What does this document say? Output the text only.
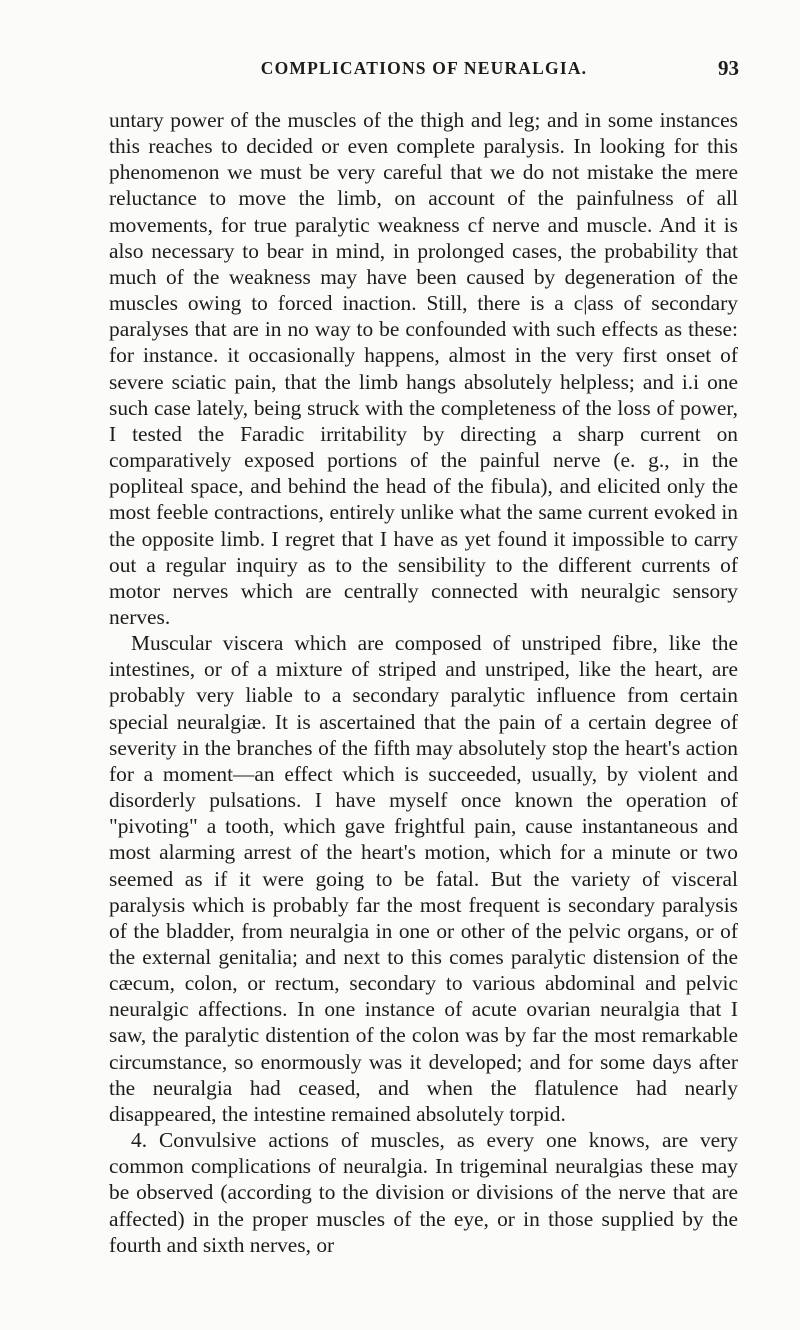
COMPLICATIONS OF NEURALGIA.	93

untary power of the muscles of the thigh and leg; and in some instances this reaches to decided or even complete paralysis. In looking for this phenomenon we must be very careful that we do not mistake the mere reluctance to move the limb, on account of the painfulness of all movements, for true paralytic weakness cf nerve and muscle. And it is also necessary to bear in mind, in prolonged cases, the probability that much of the weakness may have been caused by degeneration of the muscles owing to forced inaction. Still, there is a c|ass of secondary paralyses that are in no way to be confounded with such effects as these: for instance. it occasionally happens, almost in the very first onset of severe sciatic pain, that the limb hangs absolutely helpless; and i.i one such case lately, being struck with the completeness of the loss of power, I tested the Faradic irritability by directing a sharp current on comparatively exposed portions of the painful nerve (e. g., in the popliteal space, and behind the head of the fibula), and elicited only the most feeble contractions, entirely unlike what the same current evoked in the opposite limb. I regret that I have as yet found it impossible to carry out a regular inquiry as to the sensibility to the different currents of motor nerves which are centrally connected with neuralgic sensory nerves.

Muscular viscera which are composed of unstriped fibre, like the intestines, or of a mixture of striped and unstriped, like the heart, are probably very liable to a secondary paralytic influence from certain special neuralgiæ. It is ascertained that the pain of a certain degree of severity in the branches of the fifth may absolutely stop the heart's action for a moment—an effect which is succeeded, usually, by violent and disorderly pulsations. I have myself once known the operation of "pivoting" a tooth, which gave frightful pain, cause instantaneous and most alarming arrest of the heart's motion, which for a minute or two seemed as if it were going to be fatal. But the variety of visceral paralysis which is probably far the most frequent is secondary paralysis of the bladder, from neuralgia in one or other of the pelvic organs, or of the external genitalia; and next to this comes paralytic distension of the cæcum, colon, or rectum, secondary to various abdominal and pelvic neuralgic affections. In one instance of acute ovarian neuralgia that I saw, the paralytic distention of the colon was by far the most remarkable circumstance, so enormously was it developed; and for some days after the neuralgia had ceased, and when the flatulence had nearly disappeared, the intestine remained absolutely torpid.

4. Convulsive actions of muscles, as every one knows, are very common complications of neuralgia. In trigeminal neuralgias these may be observed (according to the division or divisions of the nerve that are affected) in the proper muscles of the eye, or in those supplied by the fourth and sixth nerves, or
